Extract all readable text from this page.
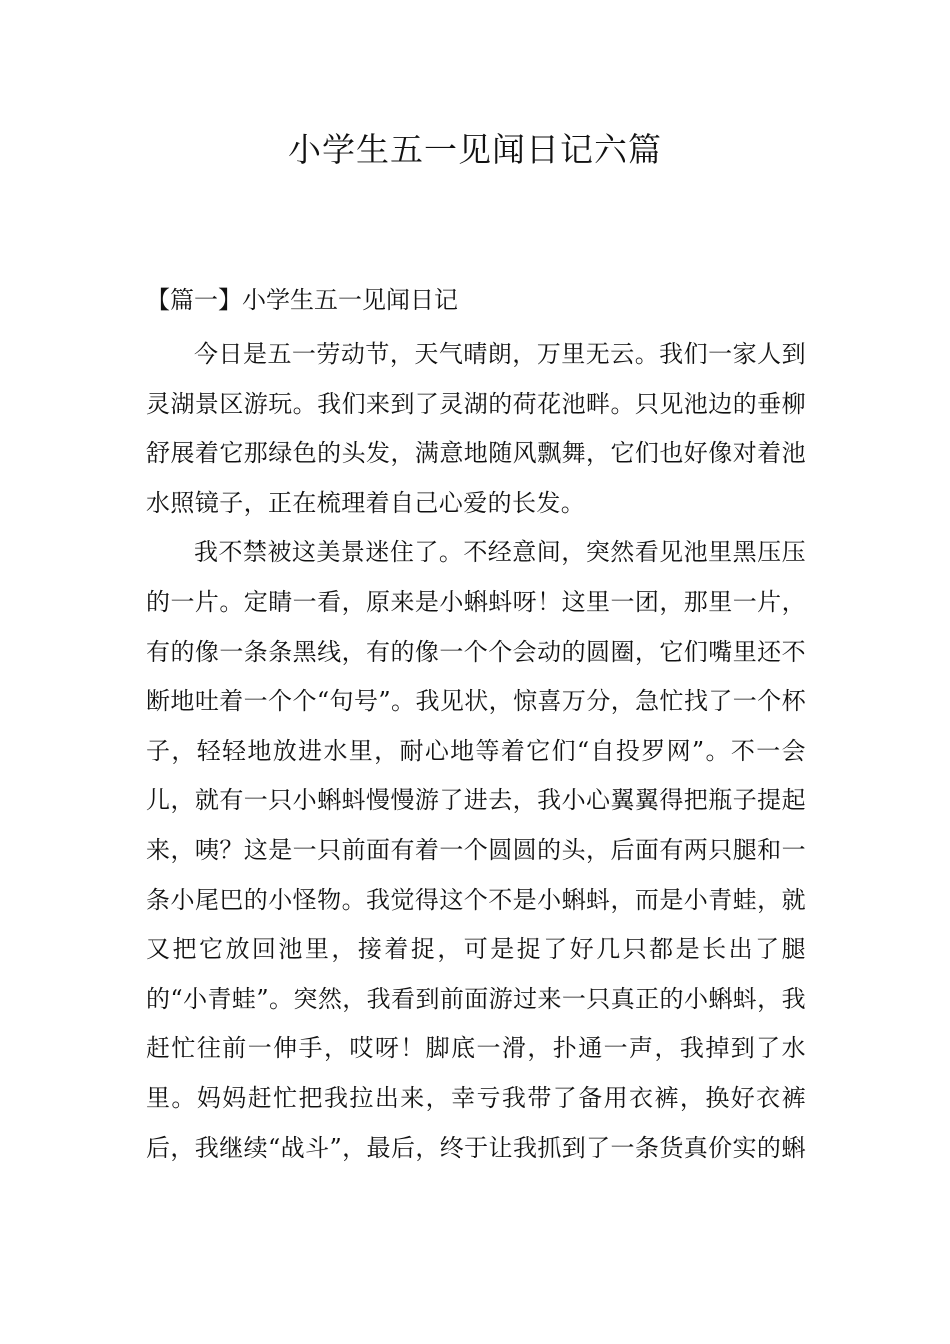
小学生五一见闻日记六篇
【篇一】小学生五一见闻日记

今日是五一劳动节，天气晴朗，万里无云。我们一家人到灵湖景区游玩。我们来到了灵湖的荷花池畔。只见池边的垂柳舒展着它那绿色的头发，满意地随风飘舞，它们也好像对着池水照镜子，正在梳理着自己心爱的长发。

我不禁被这美景迷住了。不经意间，突然看见池里黑压压的一片。定睛一看，原来是小蝌蚪呀！这里一团，那里一片，有的像一条条黑线，有的像一个个会动的圆圈，它们嘴里还不断地吐着一个个“句号”。我见状，惊喜万分，急忙找了一个杯子，轻轻地放进水里，耐心地等着它们“自投罗网”。不一会儿，就有一只小蝌蚪慢慢游了进去，我小心翼翼得把瓶子提起来，咦？这是一只前面有着一个圆圆的头，后面有两只腿和一条小尾巴的小怪物。我觉得这个不是小蝌蚪，而是小青蛙，就又把它放回池里，接着捉，可是捉了好几只都是长出了腿的“小青蛙”。突然，我看到前面游过来一只真正的小蝌蚪，我赶忙往前一伸手，哎呀！脚底一滑，扑通一声，我掉到了水里。妈妈赶忙把我拉出来，幸亏我带了备用衣裤，换好衣裤后，我继续“战斗”，最后，终于让我抓到了一条货真价实的蝌
